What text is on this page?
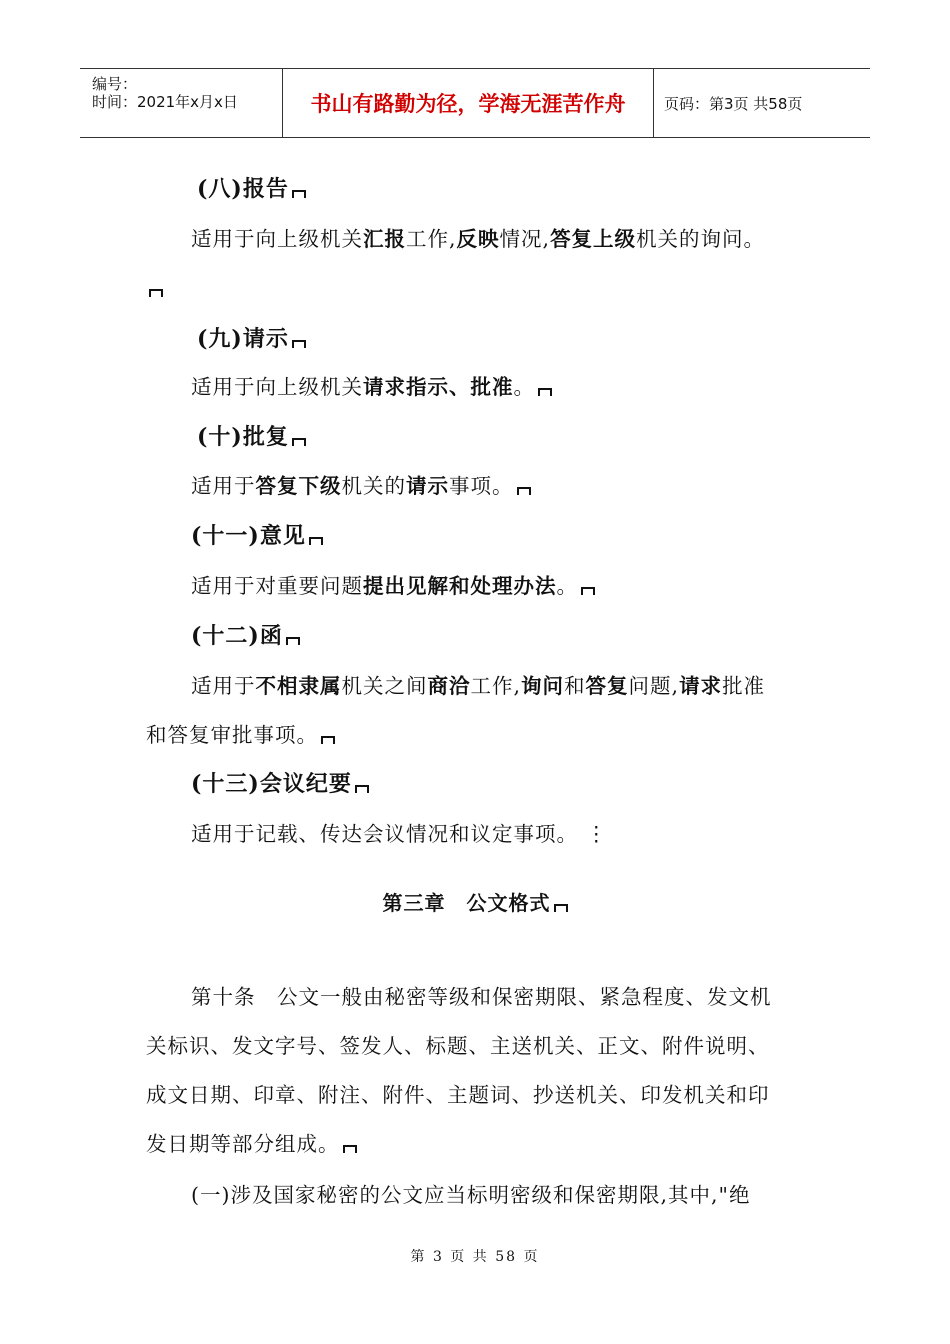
编号：
时间：2021年x月x日	书山有路勤为径，学海无涯苦作舟	页码：第3页 共58页
(八)报告
适用于向上级机关汇报工作,反映情况,答复上级机关的询问。
(九)请示
适用于向上级机关请求指示、批准。
(十)批复
适用于答复下级机关的请示事项。
(十一)意见
适用于对重要问题提出见解和处理办法。
(十二)函
适用于不相隶属机关之间商洽工作,询问和答复问题,请求批准
和答复审批事项。
(十三)会议纪要
适用于记载、传达会议情况和议定事项。 ⋮
第三章　公文格式
第十条　公文一般由秘密等级和保密期限、紧急程度、发文机
关标识、发文字号、签发人、标题、主送机关、正文、附件说明、
成文日期、印章、附注、附件、主题词、抄送机关、印发机关和印
发日期等部分组成。
(一)涉及国家秘密的公文应当标明密级和保密期限,其中,"绝
第 3 页 共 58 页
